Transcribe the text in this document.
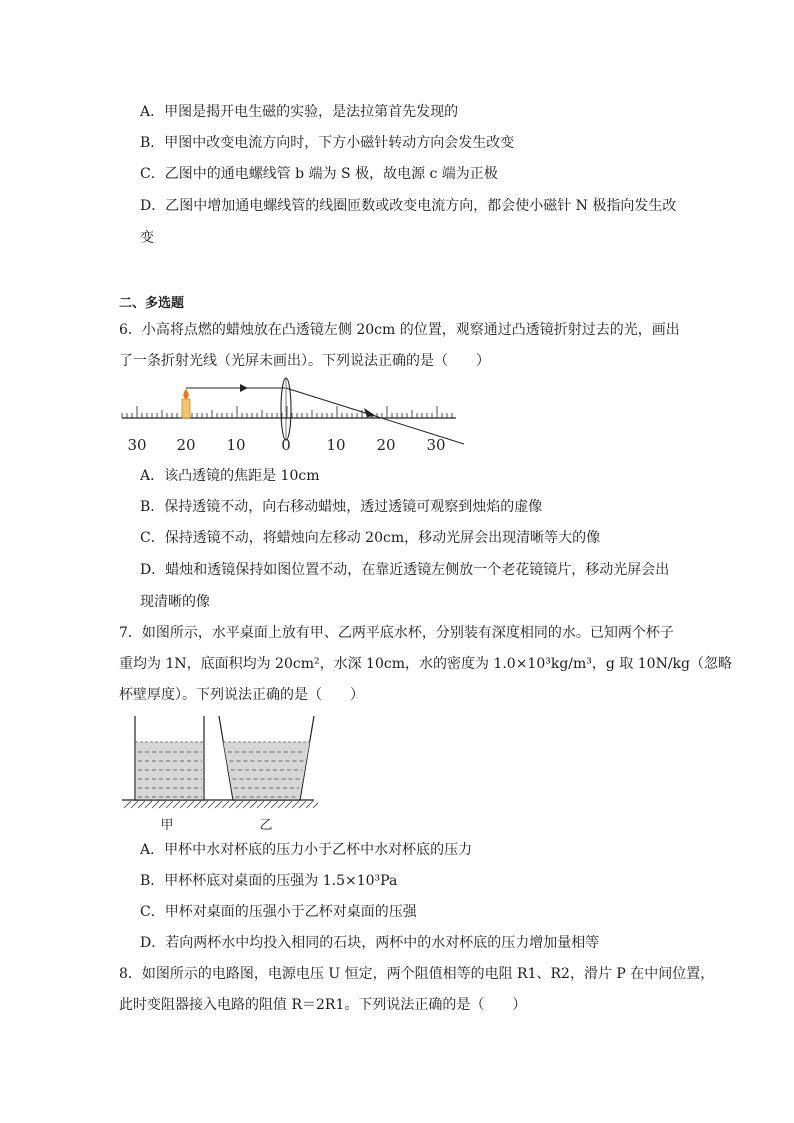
A．甲图是揭开电生磁的实验，是法拉第首先发现的
B．甲图中改变电流方向时，下方小磁针转动方向会发生改变
C．乙图中的通电螺线管 b 端为 S 极，故电源 c 端为正极
D．乙图中增加通电螺线管的线圈匝数或改变电流方向，都会使小磁针 N 极指向发生改
变
二、多选题
6．小高将点燃的蜡烛放在凸透镜左侧 20cm 的位置，观察通过凸透镜折射过去的光，画出
了一条折射光线（光屏未画出）。下列说法正确的是（　　）
30 20 10 0 10 20 30
A．该凸透镜的焦距是 10cm
B．保持透镜不动，向右移动蜡烛，透过透镜可观察到烛焰的虚像
C．保持透镜不动，将蜡烛向左移动 20cm，移动光屏会出现清晰等大的像
D．蜡烛和透镜保持如图位置不动，在靠近透镜左侧放一个老花镜镜片，移动光屏会出
现清晰的像
7．如图所示，水平桌面上放有甲、乙两平底水杯，分别装有深度相同的水。已知两个杯子
重均为 1N，底面积均为 20cm²，水深 10cm，水的密度为 1.0×10³kg/m³，g 取 10N/kg（忽略
杯壁厚度）。下列说法正确的是（　　）
甲	乙
A．甲杯中水对杯底的压力小于乙杯中水对杯底的压力
B．甲杯杯底对桌面的压强为 1.5×10³Pa
C．甲杯对桌面的压强小于乙杯对桌面的压强
D．若向两杯水中均投入相同的石块，两杯中的水对杯底的压力增加量相等
8．如图所示的电路图，电源电压 U 恒定，两个阻值相等的电阻 R1、R2，滑片 P 在中间位置，
此时变阻器接入电路的阻值 R＝2R1。下列说法正确的是（　　）
